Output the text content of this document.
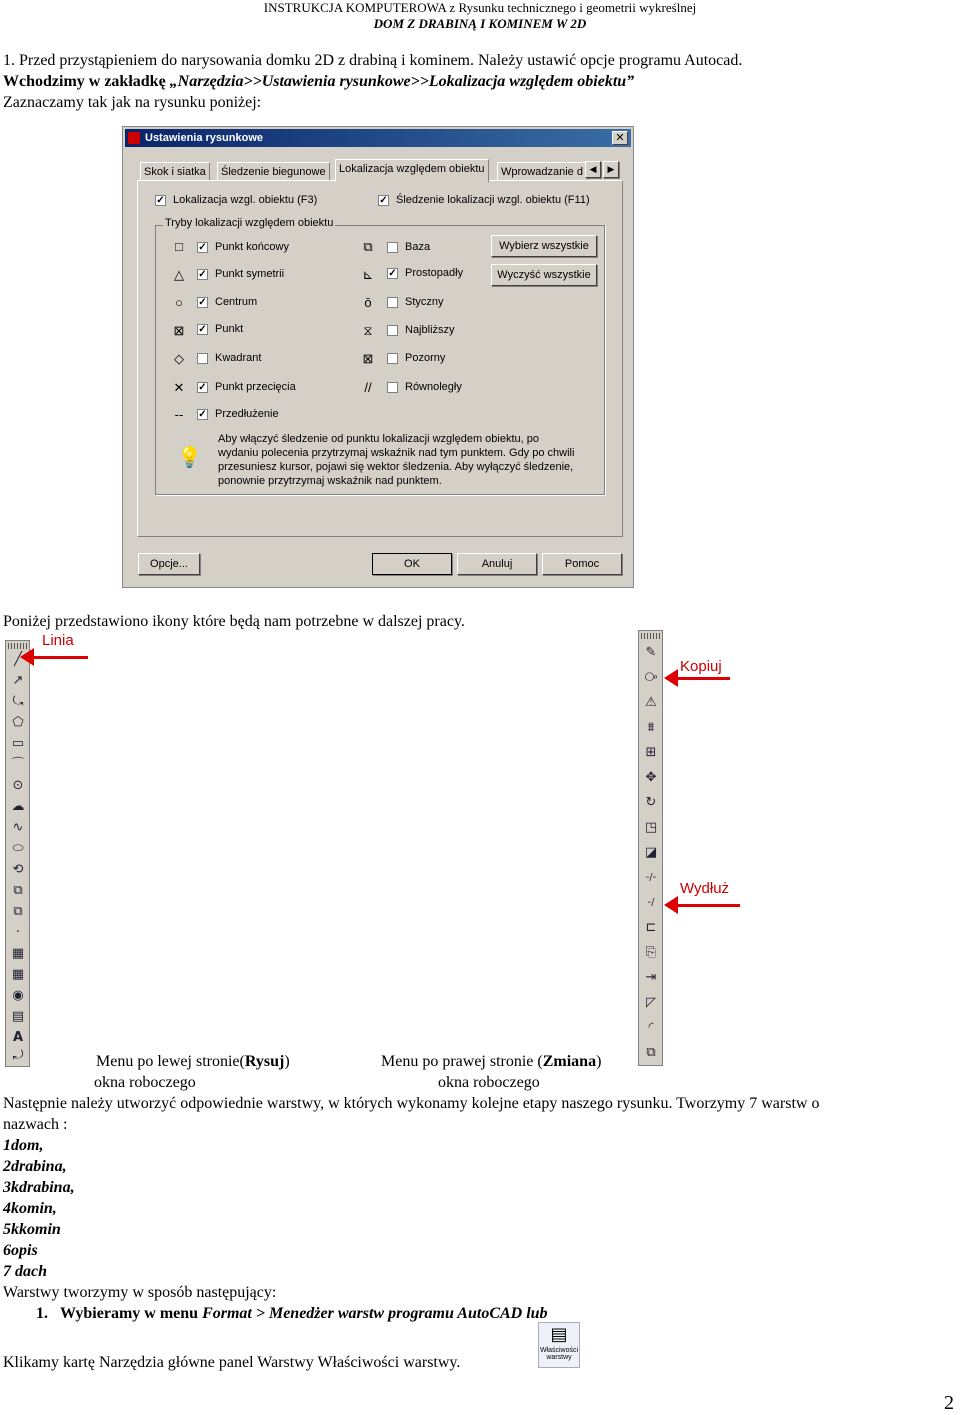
INSTRUKCJA KOMPUTEROWA z Rysunku technicznego i geometrii wykreślnej
DOM Z DRABINĄ I KOMINEM W 2D
1. Przed przystąpieniem do narysowania domku 2D z drabiną i kominem. Należy ustawić opcje programu Autocad.
Wchodzimy w zakładkę „Narzędzia>>Ustawienia rysunkowe>>Lokalizacja względem obiektu”
Zaznaczamy tak jak na rysunku poniżej:
Ustawienia rysunkowe	✕
Skok i siatka	Śledzenie biegunowe	Lokalizacja względem obiektu	Wprowadzanie d ◀	▶
✓ Lokalizacja wzgl. obiektu (F3)	✓ Śledzenie lokalizacji wzgl. obiektu (F11)
Tryby lokalizacji względem obiektu
□	✓ Punkt końcowy
△ ✓ Punkt symetrii
○	✓ Centrum
⊠ ✓ Punkt
◇	Kwadrant
✕ ✓ Punkt przecięcia
-- ✓ Przedłużenie
⧉	Baza
⊾ ✓ Prostopadły
ō	Styczny
⧖	Najbliższy
⊠	Pozorny
//	Równoległy
Wybierz wszystkie
Wyczyść wszystkie
💡
Aby włączyć śledzenie od punktu lokalizacji względem obiektu, po wydaniu polecenia przytrzymaj wskaźnik nad tym punktem. Gdy po chwili przesuniesz kursor, pojawi się wektor śledzenia. Aby wyłączyć śledzenie, ponownie przytrzymaj wskaźnik nad punktem.
Opcje...	OK	Anuluj	Pomoc
Poniżej przedstawiono ikony które będą nam potrzebne w dalszej pracy.
╱
↗
⤿
⬠
▭
⌒
⊙
☁
∿
⬭
⟲
⧉
⧉
·
▦
▦
◉
▤
A
⤾
Linia
✎
⧂
⚠
⩩
⊞
✥
↻
◳
◪
-/-
-/
⊏
⎘
⇥
◸
◜
⧉
Kopiuj
Wydłuż
Menu po lewej stronie(Rysuj)
okna roboczego
Menu po prawej stronie (Zmiana)
okna roboczego
Następnie należy utworzyć odpowiednie warstwy, w których wykonamy kolejne etapy naszego rysunku. Tworzymy 7 warstw o
nazwach :
1dom,
2drabina,
3kdrabina,
4komin,
5kkomin
6opis
7 dach
Warstwy tworzymy w sposób następujący:
1. Wybieramy w menu Format > Menedżer warstw programu AutoCAD lub
▤
Właściwości warstwy
Klikamy kartę Narzędzia główne panel Warstwy Właściwości warstwy.
2
